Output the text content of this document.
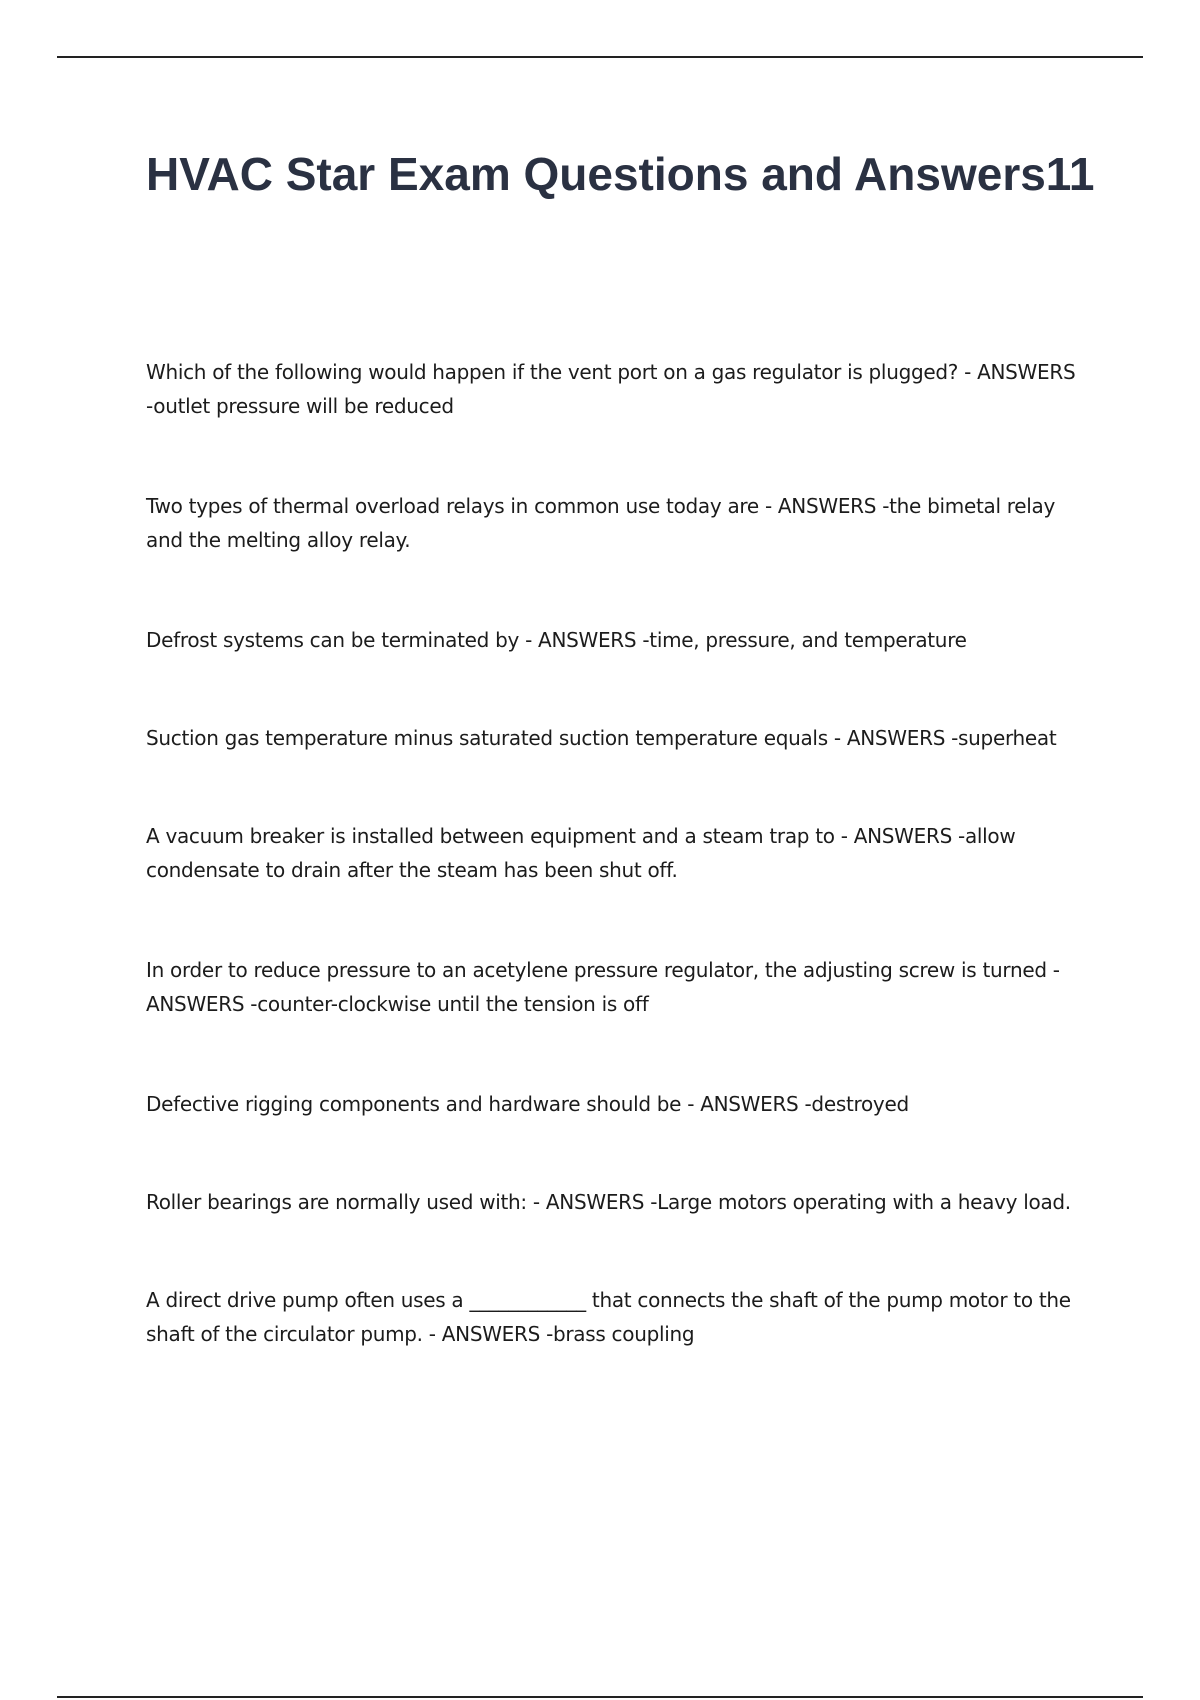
HVAC Star Exam Questions and Answers11
Which of the following would happen if the vent port on a gas regulator is plugged? - ANSWERS -outlet pressure will be reduced
Two types of thermal overload relays in common use today are - ANSWERS -the bimetal relay and the melting alloy relay.
Defrost systems can be terminated by - ANSWERS -time, pressure, and temperature
Suction gas temperature minus saturated suction temperature equals - ANSWERS -superheat
A vacuum breaker is installed between equipment and a steam trap to - ANSWERS -allow condensate to drain after the steam has been shut off.
In order to reduce pressure to an acetylene pressure regulator, the adjusting screw is turned - ANSWERS -counter-clockwise until the tension is off
Defective rigging components and hardware should be - ANSWERS -destroyed
Roller bearings are normally used with: - ANSWERS -Large motors operating with a heavy load.
A direct drive pump often uses a ____________ that connects the shaft of the pump motor to the shaft of the circulator pump. - ANSWERS -brass coupling
